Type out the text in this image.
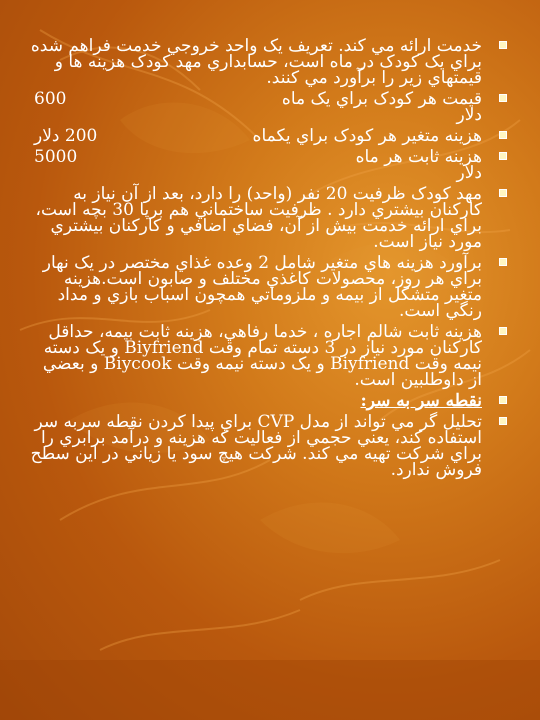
خدمت ارائه مي كند. تعريف يک واحد خروجي خدمت فراهم شده براي يک كودک در ماه است، حسابداري مهد كودک هزينه ها و قيمتهاي زير را برآورد مي كنند.
قيمت هر كودک براي يک ماه
600
دلار
هزينه متغير هر كودک براي يكماه
200 دلار
هزينه ثابت هر ماه
5000
دلار
مهد كودک ظرفيت 20 نفر (واحد) را دارد، بعد از آن نياز به كاركنان بيشتري دارد . ظرفيت ساختماني هم برپا 30 بچه است، براي ارائه خدمت بيش از آن، فضاي اضافي و كاركنان بيشتري مورد نياز است.
برآورد هزينه هاي متغير شامل 2 وعده غذاي مختصر در يک نهار براي هر روز، محصولات كاغذي مختلف و صابون است.هزينه متغير متشكل از بيمه و ملزوماتي همچون اسباب بازي و مداد رنگي است.
هزينه ثابت شالم اجاره ، خدما رفاهي، هزينه ثابت بيمه، حداقل كاركنان مورد نياز در 3 دسته تمام وقت Biyfriend و يک دسته نيمه وقت Biyfriend و يک دسته نيمه وقت Biycook و بعضي از داوطلبين است.
نقطه سر به سر:
تحليل گر مي تواند از مدل CVP براي پيدا كردن نقطه سربه سر استفاده كند، يعني حجمي از فعاليت كه هزينه و درآمد برابري را براي شركت تهيه مي كند. شركت هيچ سود يا زياني در اين سطح فروش ندارد.
